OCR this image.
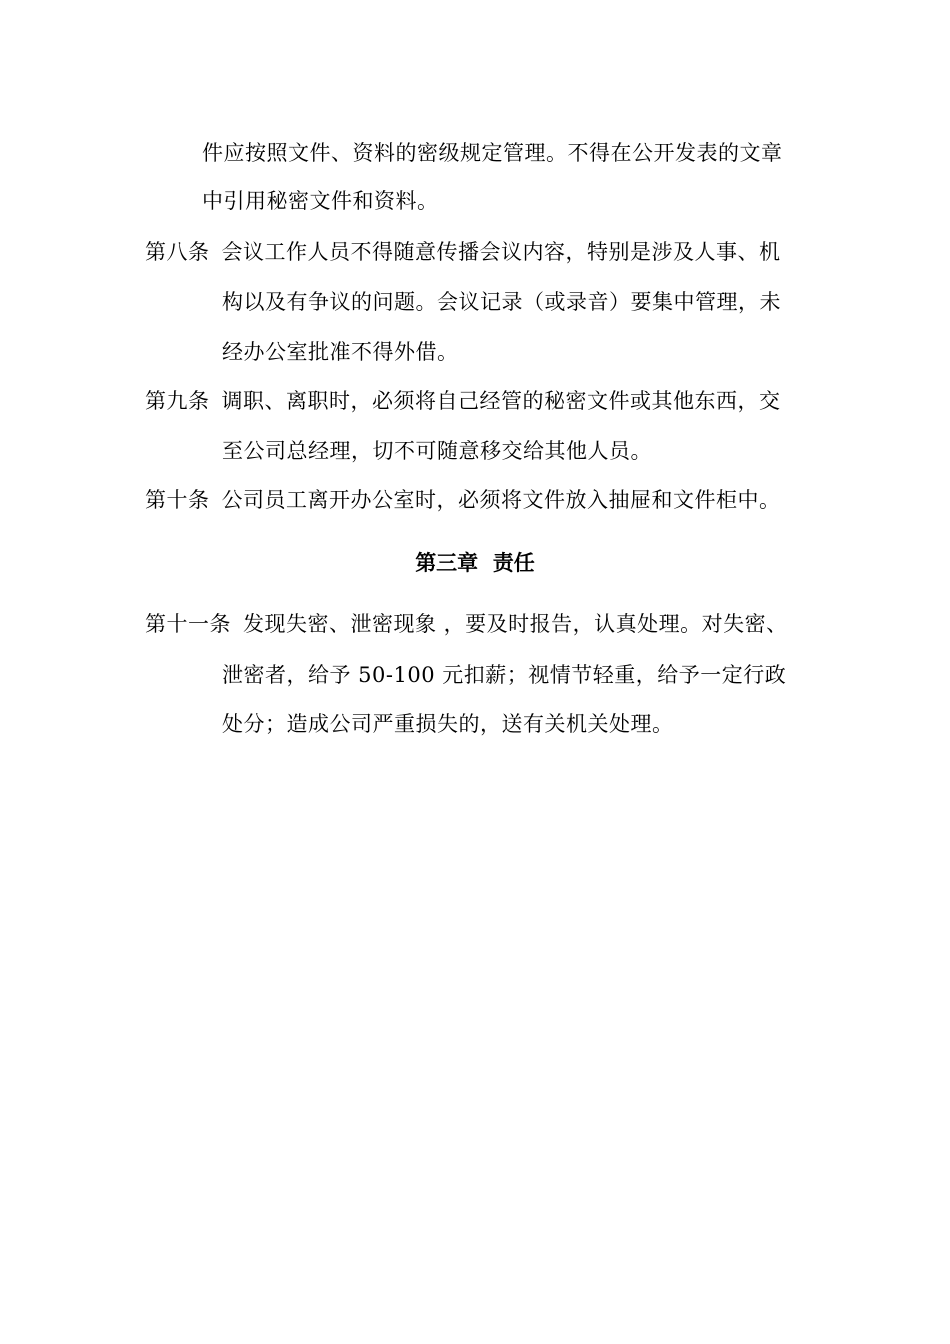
件应按照文件、资料的密级规定管理。不得在公开发表的文章
中引用秘密文件和资料。
第八条 会议工作人员不得随意传播会议内容，特别是涉及人事、机
构以及有争议的问题。会议记录（或录音）要集中管理，未
经办公室批准不得外借。
第九条 调职、离职时，必须将自己经管的秘密文件或其他东西，交
至公司总经理，切不可随意移交给其他人员。
第十条 公司员工离开办公室时，必须将文件放入抽屉和文件柜中。
第三章  责任
第十一条 发现失密、泄密现象 ，要及时报告，认真处理。对失密、
泄密者，给予 50-100 元扣薪；视情节轻重，给予一定行政
处分；造成公司严重损失的，送有关机关处理。
